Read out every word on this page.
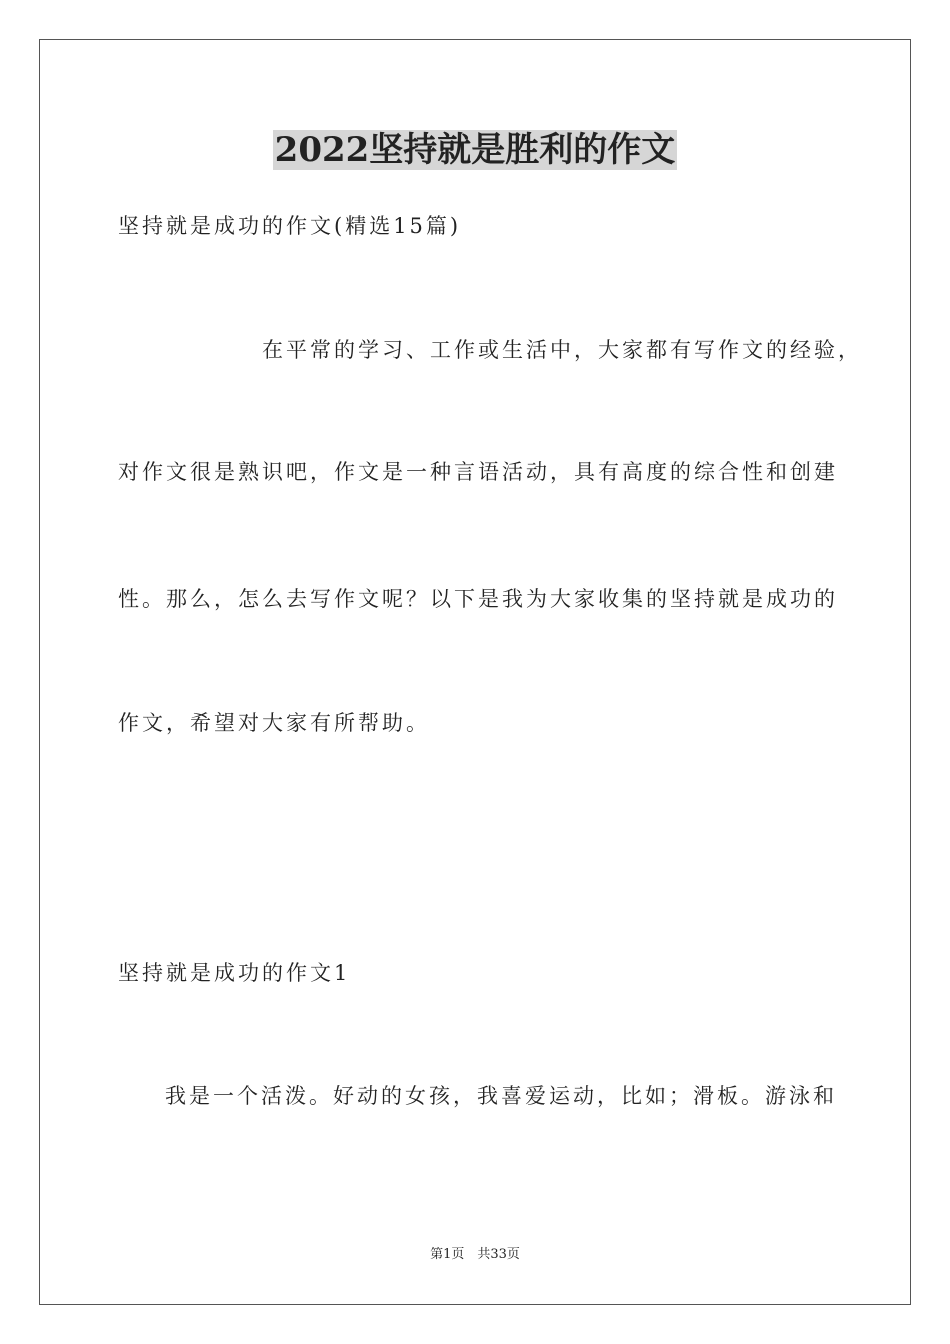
2022坚持就是胜利的作文
坚持就是成功的作文(精选15篇)
在平常的学习、工作或生活中，大家都有写作文的经验，
对作文很是熟识吧，作文是一种言语活动，具有高度的综合性和创建
性。那么，怎么去写作文呢？以下是我为大家收集的坚持就是成功的
作文，希望对大家有所帮助。
坚持就是成功的作文1
我是一个活泼。好动的女孩，我喜爱运动，比如；滑板。游泳和
第1页　共33页
